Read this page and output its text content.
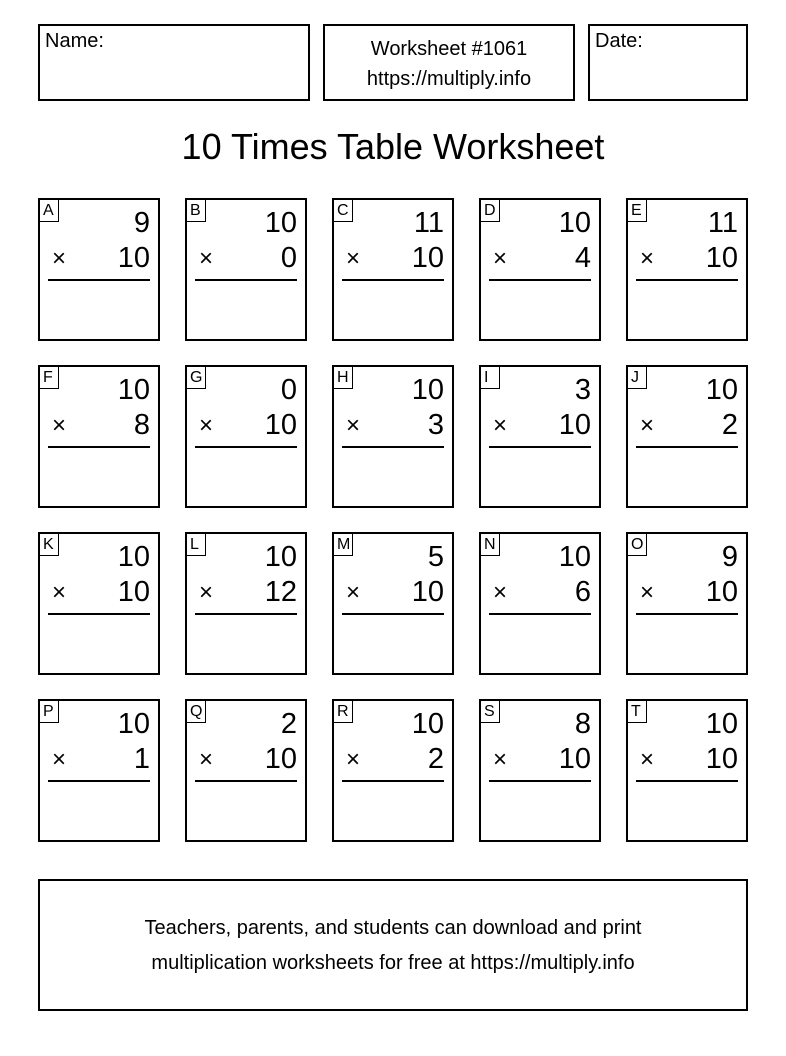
Name:	Worksheet #1061
https://multiply.info
Date:
10 Times Table Worksheet
A	9
× 10
B 10
× 0
C 11
× 10
D 10
× 4
E 11
× 10
F 10
× 8
G	0
× 10
H 10
× 3
I	3
× 10
J 10
× 2
K 10
× 10
L 10
× 12
M	5
× 10
N 10
× 6
O	9
× 10
P 10
× 1
Q	2
× 10
R 10
× 2
S	8
× 10
T 10
× 10
Teachers, parents, and students can download and print
multiplication worksheets for free at https://multiply.info
